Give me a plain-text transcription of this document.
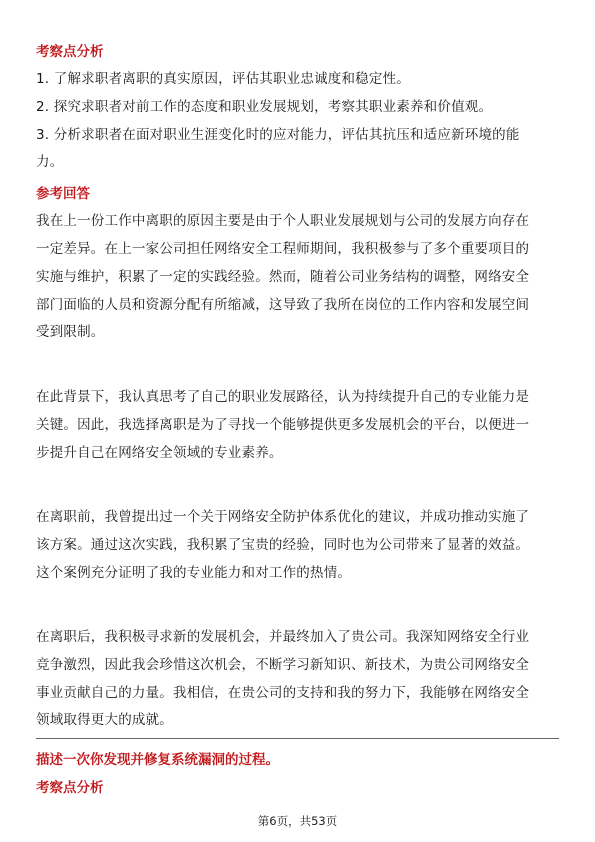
考察点分析
1. 了解求职者离职的真实原因，评估其职业忠诚度和稳定性。
2. 探究求职者对前工作的态度和职业发展规划，考察其职业素养和价值观。
3. 分析求职者在面对职业生涯变化时的应对能力，评估其抗压和适应新环境的能
力。
参考回答
我在上一份工作中离职的原因主要是由于个人职业发展规划与公司的发展方向存在
一定差异。在上一家公司担任网络安全工程师期间，我积极参与了多个重要项目的
实施与维护，积累了一定的实践经验。然而，随着公司业务结构的调整，网络安全
部门面临的人员和资源分配有所缩减，这导致了我所在岗位的工作内容和发展空间
受到限制。
在此背景下，我认真思考了自己的职业发展路径，认为持续提升自己的专业能力是
关键。因此，我选择离职是为了寻找一个能够提供更多发展机会的平台，以便进一
步提升自己在网络安全领域的专业素养。
在离职前，我曾提出过一个关于网络安全防护体系优化的建议，并成功推动实施了
该方案。通过这次实践，我积累了宝贵的经验，同时也为公司带来了显著的效益。
这个案例充分证明了我的专业能力和对工作的热情。
在离职后，我积极寻求新的发展机会，并最终加入了贵公司。我深知网络安全行业
竞争激烈，因此我会珍惜这次机会，不断学习新知识、新技术，为贵公司网络安全
事业贡献自己的力量。我相信，在贵公司的支持和我的努力下，我能够在网络安全
领域取得更大的成就。
描述一次你发现并修复系统漏洞的过程。
考察点分析
第6页，共53页
